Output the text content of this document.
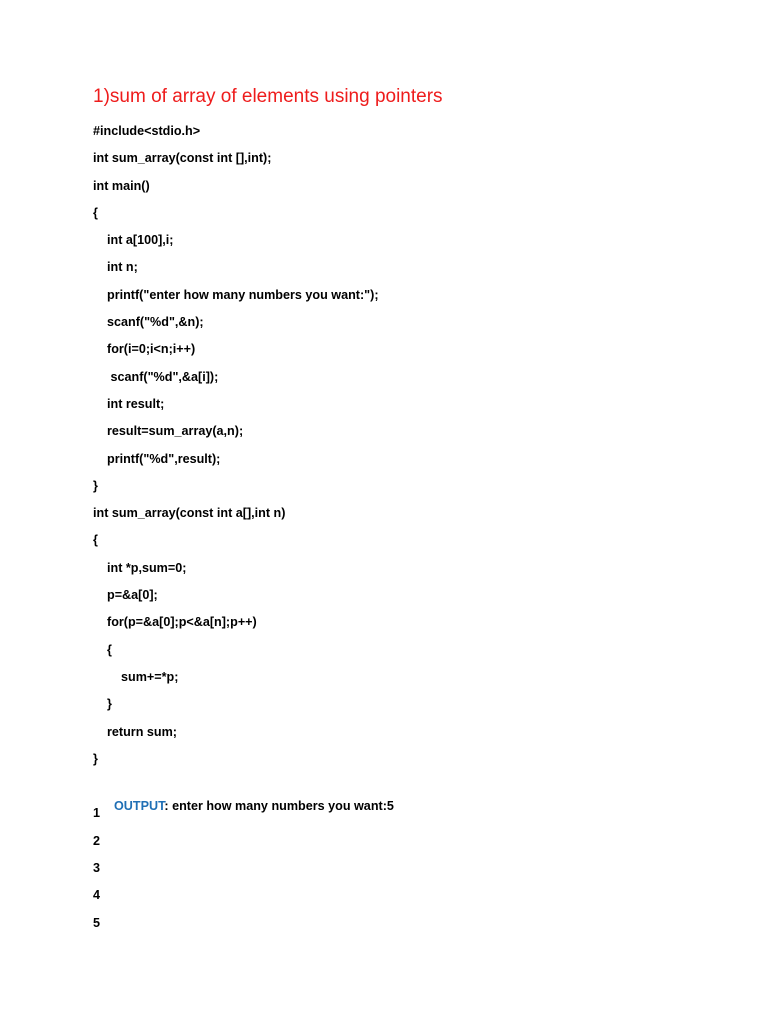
1)sum of array of elements using pointers
#include<stdio.h>
int sum_array(const int [],int);
int main()
{
int a[100],i;
int n;
printf("enter how many numbers you want:");
scanf("%d",&n);
for(i=0;i<n;i++)
scanf("%d",&a[i]);
int result;
result=sum_array(a,n);
printf("%d",result);
}
int sum_array(const int a[],int n)
{
int *p,sum=0;
p=&a[0];
for(p=&a[0];p<&a[n];p++)
{
sum+=*p;
}
return sum;
}

OUTPUT: enter how many numbers you want:5

1
2
3
4
5
